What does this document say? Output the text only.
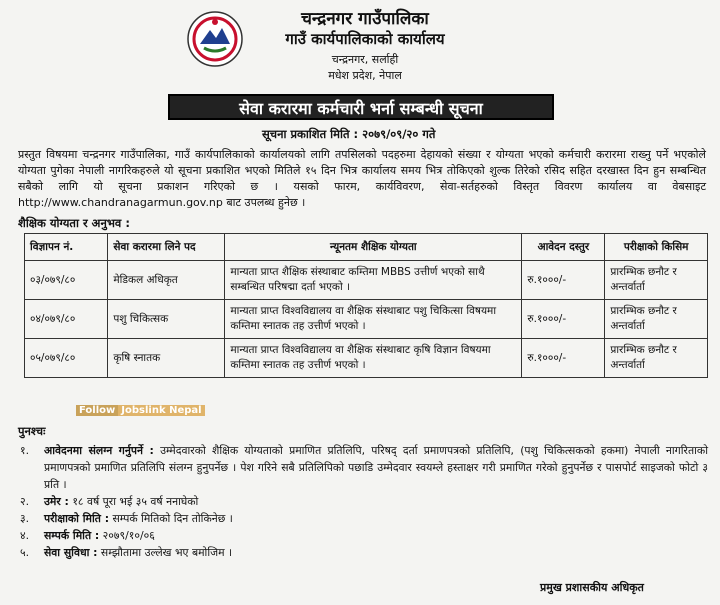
चन्द्रनगर गाउँपालिका
गाउँ कार्यपालिकाको कार्यालय
चन्द्रनगर, सर्लाही
मधेश प्रदेश, नेपाल
सेवा करारमा कर्मचारी भर्ना सम्बन्धी सूचना
सूचना प्रकाशित मिति : २०७९/०९/२० गते
प्रस्तुत विषयमा चन्द्रनगर गाउँपालिका, गाउँ कार्यपालिकाको कार्यालयको लागि तपसिलको पदहरुमा देहायको संख्या र योग्यता भएको कर्मचारी करारमा राख्नु पर्ने भएकोले योग्यता पुगेका नेपाली नागरिकहरुले यो सूचना प्रकाशित भएको मितिले १५ दिन भित्र कार्यालय समय भित्र तोकिएको शुल्क तिरेको रसिद सहित दरखास्त दिन हुन सम्बन्धित सबैको लागि यो सूचना प्रकाशन गरिएको छ । यसको फारम, कार्यविवरण, सेवा-सर्तहरुको विस्तृत विवरण कार्यालय वा वेबसाइट http://www.chandranagarmun.gov.np बाट उपलब्ध हुनेछ ।
शैक्षिक योग्यता र अनुभव :
विज्ञापन नं.	सेवा करारमा लिने पद	न्यूनतम शैक्षिक योग्यता	आवेदन दस्तुर	परीक्षाको किसिम
०३/०७९/८०	मेडिकल अधिकृत	मान्यता प्राप्त शैक्षिक संस्थाबाट कम्तिमा MBBS उत्तीर्ण भएको साथै सम्बन्धित परिषद्मा दर्ता भएको ।	रु.१०००/-	प्रारम्भिक छनौट र अन्तर्वार्ता
०४/०७९/८०	पशु चिकित्सक	मान्यता प्राप्त विश्वविद्यालय वा शैक्षिक संस्थाबाट पशु चिकित्सा विषयमा कम्तिमा स्नातक तह उत्तीर्ण भएको ।	रु.१०००/-	प्रारम्भिक छनौट र अन्तर्वार्ता
०५/०७९/८०	कृषि स्नातक	मान्यता प्राप्त विश्वविद्यालय वा शैक्षिक संस्थाबाट कृषि विज्ञान विषयमा कम्तिमा स्नातक तह उत्तीर्ण भएको ।	रु.१०००/-	प्रारम्भिक छनौट र अन्तर्वार्ता
Follow Jobslink Nepal
पुनश्चः
१. आवेदनमा संलग्न गर्नुपर्ने : उम्मेदवारको शैक्षिक योग्यताको प्रमाणित प्रतिलिपि, परिषद् दर्ता प्रमाणपत्रको प्रतिलिपि, (पशु चिकित्सकको हकमा) नेपाली नागरिताको प्रमाणपत्रको प्रमाणित प्रतिलिपि संलग्न हुनुपर्नेछ । पेश गरिने सबै प्रतिलिपिको पछाडि उम्मेदवार स्वयम्ले हस्ताक्षर गरी प्रमाणित गरेको हुनुपर्नेछ र पासपोर्ट साइजको फोटो ३ प्रति ।
२. उमेर : १८ वर्ष पूरा भई ३५ वर्ष ननाघेको
३. परीक्षाको मिति : सम्पर्क मितिको दिन तोकिनेछ ।
४. सम्पर्क मिति : २०७९/१०/०६
५. सेवा सुविधा : सम्झौतामा उल्लेख भए बमोजिम ।
प्रमुख प्रशासकीय अधिकृत
